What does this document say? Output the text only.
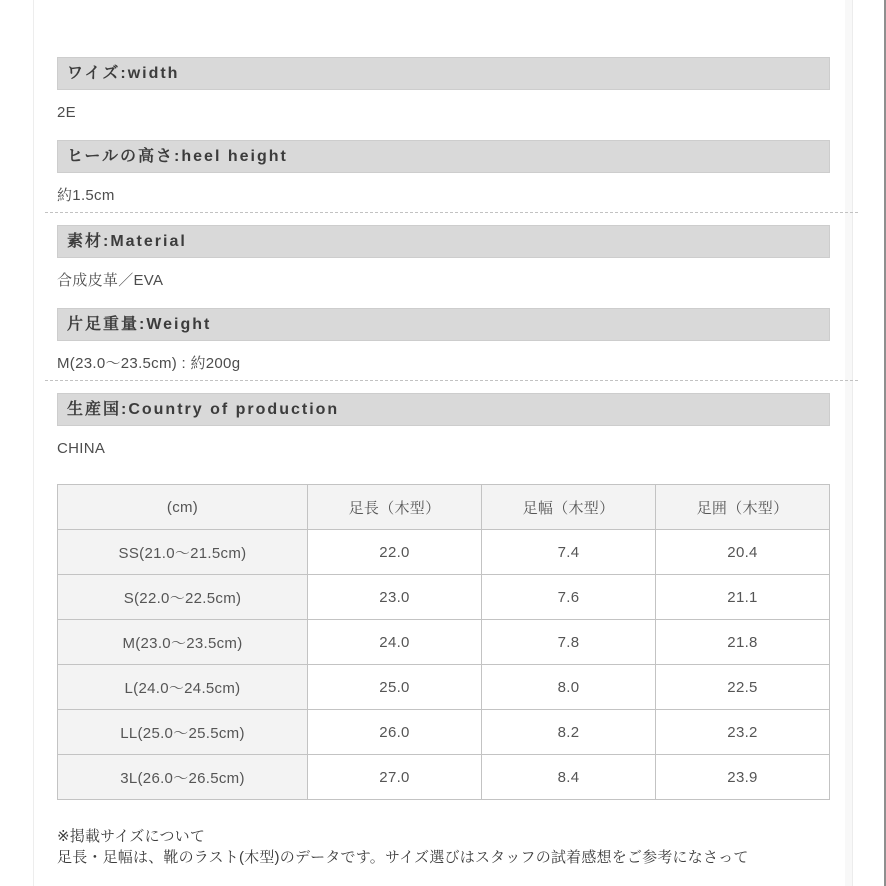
ワイズ:width
2E
ヒールの高さ:heel height
約1.5cm
素材:Material
合成皮革／EVA
片足重量:Weight
M(23.0～23.5cm) : 約200g
生産国:Country of production
CHINA
(cm)	足長（木型）	足幅（木型）	足囲（木型）
SS(21.0～21.5cm)	22.0	7.4	20.4
S(22.0～22.5cm)	23.0	7.6	21.1
M(23.0～23.5cm)	24.0	7.8	21.8
L(24.0～24.5cm)	25.0	8.0	22.5
LL(25.0～25.5cm)	26.0	8.2	23.2
3L(26.0～26.5cm)	27.0	8.4	23.9
※掲載サイズについて
足長・足幅は、靴のラスト(木型)のデータです。サイズ選びはスタッフの試着感想をご参考になさって
